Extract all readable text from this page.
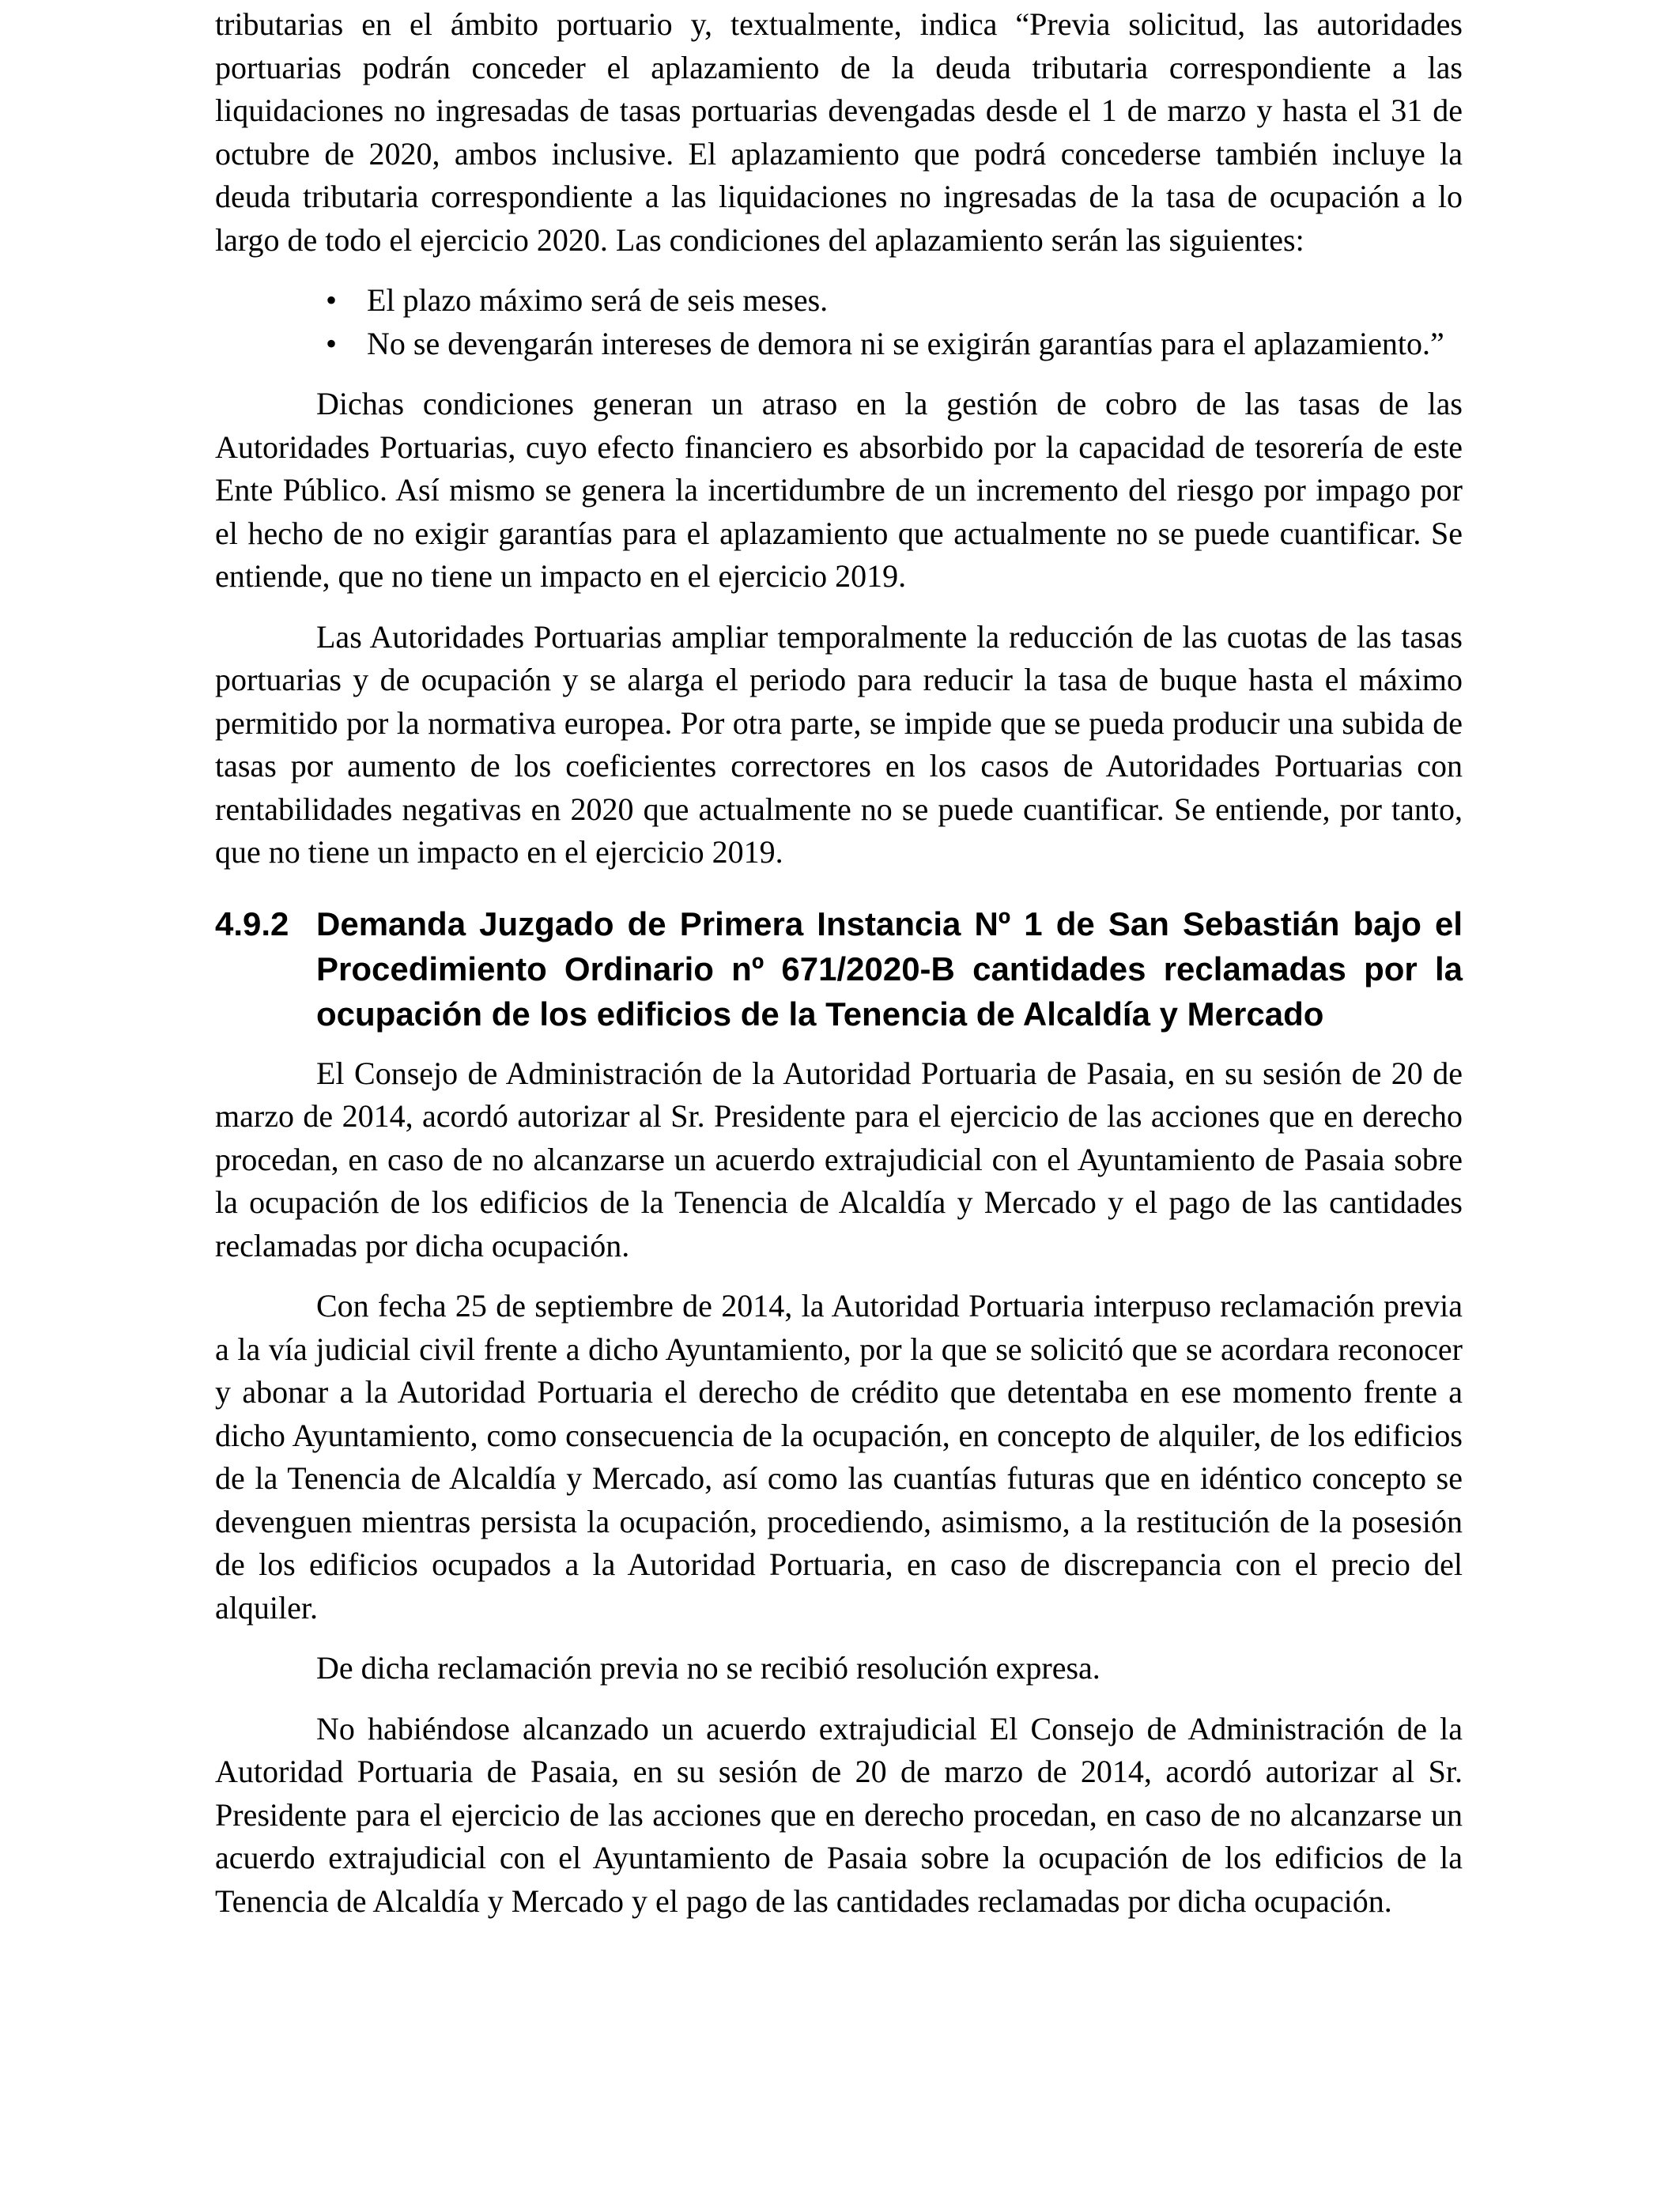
tributarias en el ámbito portuario y, textualmente, indica “Previa solicitud, las autoridades portuarias podrán conceder el aplazamiento de la deuda tributaria correspondiente a las liquidaciones no ingresadas de tasas portuarias devengadas desde el 1 de marzo y hasta el 31 de octubre de 2020, ambos inclusive. El aplazamiento que podrá concederse también incluye la deuda tributaria correspondiente a las liquidaciones no ingresadas de la tasa de ocupación a lo largo de todo el ejercicio 2020. Las condiciones del aplazamiento serán las siguientes:

• El plazo máximo será de seis meses.
• No se devengarán intereses de demora ni se exigirán garantías para el aplazamiento.”

Dichas condiciones generan un atraso en la gestión de cobro de las tasas de las Autoridades Portuarias, cuyo efecto financiero es absorbido por la capacidad de tesorería de este Ente Público. Así mismo se genera la incertidumbre de un incremento del riesgo por impago por el hecho de no exigir garantías para el aplazamiento que actualmente no se puede cuantificar. Se entiende, que no tiene un impacto en el ejercicio 2019.

Las Autoridades Portuarias ampliar temporalmente la reducción de las cuotas de las tasas portuarias y de ocupación y se alarga el periodo para reducir la tasa de buque hasta el máximo permitido por la normativa europea. Por otra parte, se impide que se pueda producir una subida de tasas por aumento de los coeficientes correctores en los casos de Autoridades Portuarias con rentabilidades negativas en 2020 que actualmente no se puede cuantificar. Se entiende, por tanto, que no tiene un impacto en el ejercicio 2019.

4.9.2 Demanda Juzgado de Primera Instancia Nº 1 de San Sebastián bajo el Procedimiento Ordinario nº 671/2020-B cantidades reclamadas por la ocupación de los edificios de la Tenencia de Alcaldía y Mercado

El Consejo de Administración de la Autoridad Portuaria de Pasaia, en su sesión de 20 de marzo de 2014, acordó autorizar al Sr. Presidente para el ejercicio de las acciones que en derecho procedan, en caso de no alcanzarse un acuerdo extrajudicial con el Ayuntamiento de Pasaia sobre la ocupación de los edificios de la Tenencia de Alcaldía y Mercado y el pago de las cantidades reclamadas por dicha ocupación.

Con fecha 25 de septiembre de 2014, la Autoridad Portuaria interpuso reclamación previa a la vía judicial civil frente a dicho Ayuntamiento, por la que se solicitó que se acordara reconocer y abonar a la Autoridad Portuaria el derecho de crédito que detentaba en ese momento frente a dicho Ayuntamiento, como consecuencia de la ocupación, en concepto de alquiler, de los edificios de la Tenencia de Alcaldía y Mercado, así como las cuantías futuras que en idéntico concepto se devenguen mientras persista la ocupación, procediendo, asimismo, a la restitución de la posesión de los edificios ocupados a la Autoridad Portuaria, en caso de discrepancia con el precio del alquiler.

De dicha reclamación previa no se recibió resolución expresa.

No habiéndose alcanzado un acuerdo extrajudicial El Consejo de Administración de la Autoridad Portuaria de Pasaia, en su sesión de 20 de marzo de 2014, acordó autorizar al Sr. Presidente para el ejercicio de las acciones que en derecho procedan, en caso de no alcanzarse un acuerdo extrajudicial con el Ayuntamiento de Pasaia sobre la ocupación de los edificios de la Tenencia de Alcaldía y Mercado y el pago de las cantidades reclamadas por dicha ocupación.
